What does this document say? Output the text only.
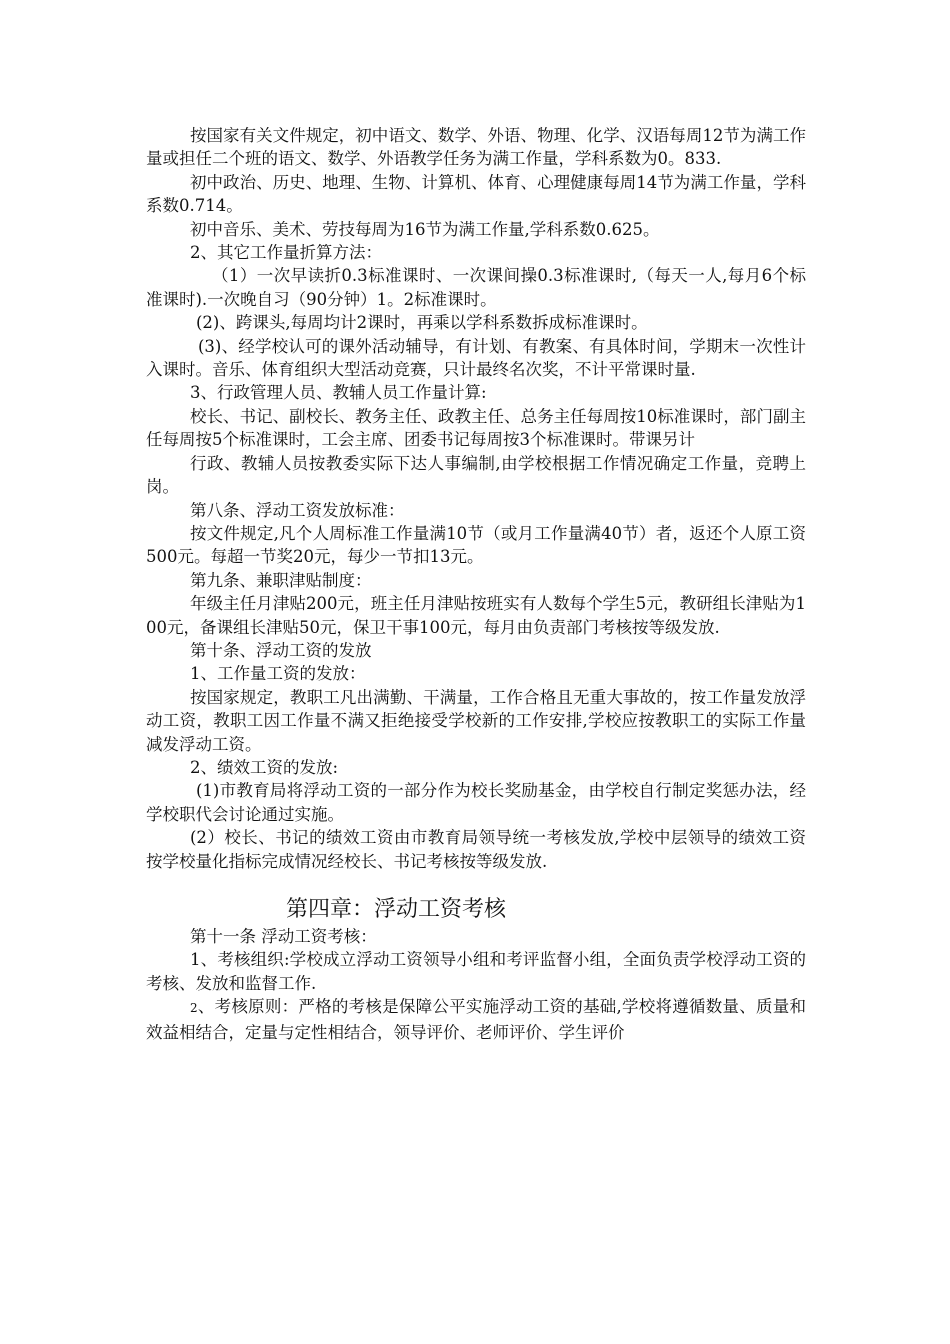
按国家有关文件规定，初中语文、数学、外语、物理、化学、汉语每周12节为满工作量或担任二个班的语文、数学、外语教学任务为满工作量，学科系数为0。833.

初中政治、历史、地理、生物、计算机、体育、心理健康每周14节为满工作量，学科系数0.714。

初中音乐、美术、劳技每周为16节为满工作量,学科系数0.625。

2、其它工作量折算方法：

（1）一次早读折0.3标准课时、一次课间操0.3标准课时,（每天一人,每月6个标准课时).一次晚自习（90分钟）1。2标准课时。

(2)、跨课头,每周均计2课时，再乘以学科系数拆成标准课时。

(3)、经学校认可的课外活动辅导，有计划、有教案、有具体时间，学期末一次性计入课时。音乐、体育组织大型活动竞赛，只计最终名次奖，不计平常课时量.

3、行政管理人员、教辅人员工作量计算:

校长、书记、副校长、教务主任、政教主任、总务主任每周按10标准课时，部门副主任每周按5个标准课时，工会主席、团委书记每周按3个标准课时。带课另计

行政、教辅人员按教委实际下达人事编制,由学校根据工作情况确定工作量，竞聘上岗。

第八条、浮动工资发放标准：

按文件规定,凡个人周标准工作量满10节（或月工作量满40节）者，返还个人原工资500元。每超一节奖20元，每少一节扣13元。

第九条、兼职津贴制度：

年级主任月津贴200元，班主任月津贴按班实有人数每个学生5元，教研组长津贴为100元，备课组长津贴50元，保卫干事100元，每月由负责部门考核按等级发放.

第十条、浮动工资的发放

1、工作量工资的发放：

按国家规定，教职工凡出满勤、干满量，工作合格且无重大事故的，按工作量发放浮动工资，教职工因工作量不满又拒绝接受学校新的工作安排,学校应按教职工的实际工作量减发浮动工资。

2、绩效工资的发放:

(1)市教育局将浮动工资的一部分作为校长奖励基金，由学校自行制定奖惩办法，经学校职代会讨论通过实施。

(2）校长、书记的绩效工资由市教育局领导统一考核发放,学校中层领导的绩效工资按学校量化指标完成情况经校长、书记考核按等级发放.

第四章：浮动工资考核

第十一条 浮动工资考核：

1、考核组织:学校成立浮动工资领导小组和考评监督小组，全面负责学校浮动工资的考核、发放和监督工作.

2、考核原则：严格的考核是保障公平实施浮动工资的基础,学校将遵循数量、质量和效益相结合，定量与定性相结合，领导评价、老师评价、学生评价
